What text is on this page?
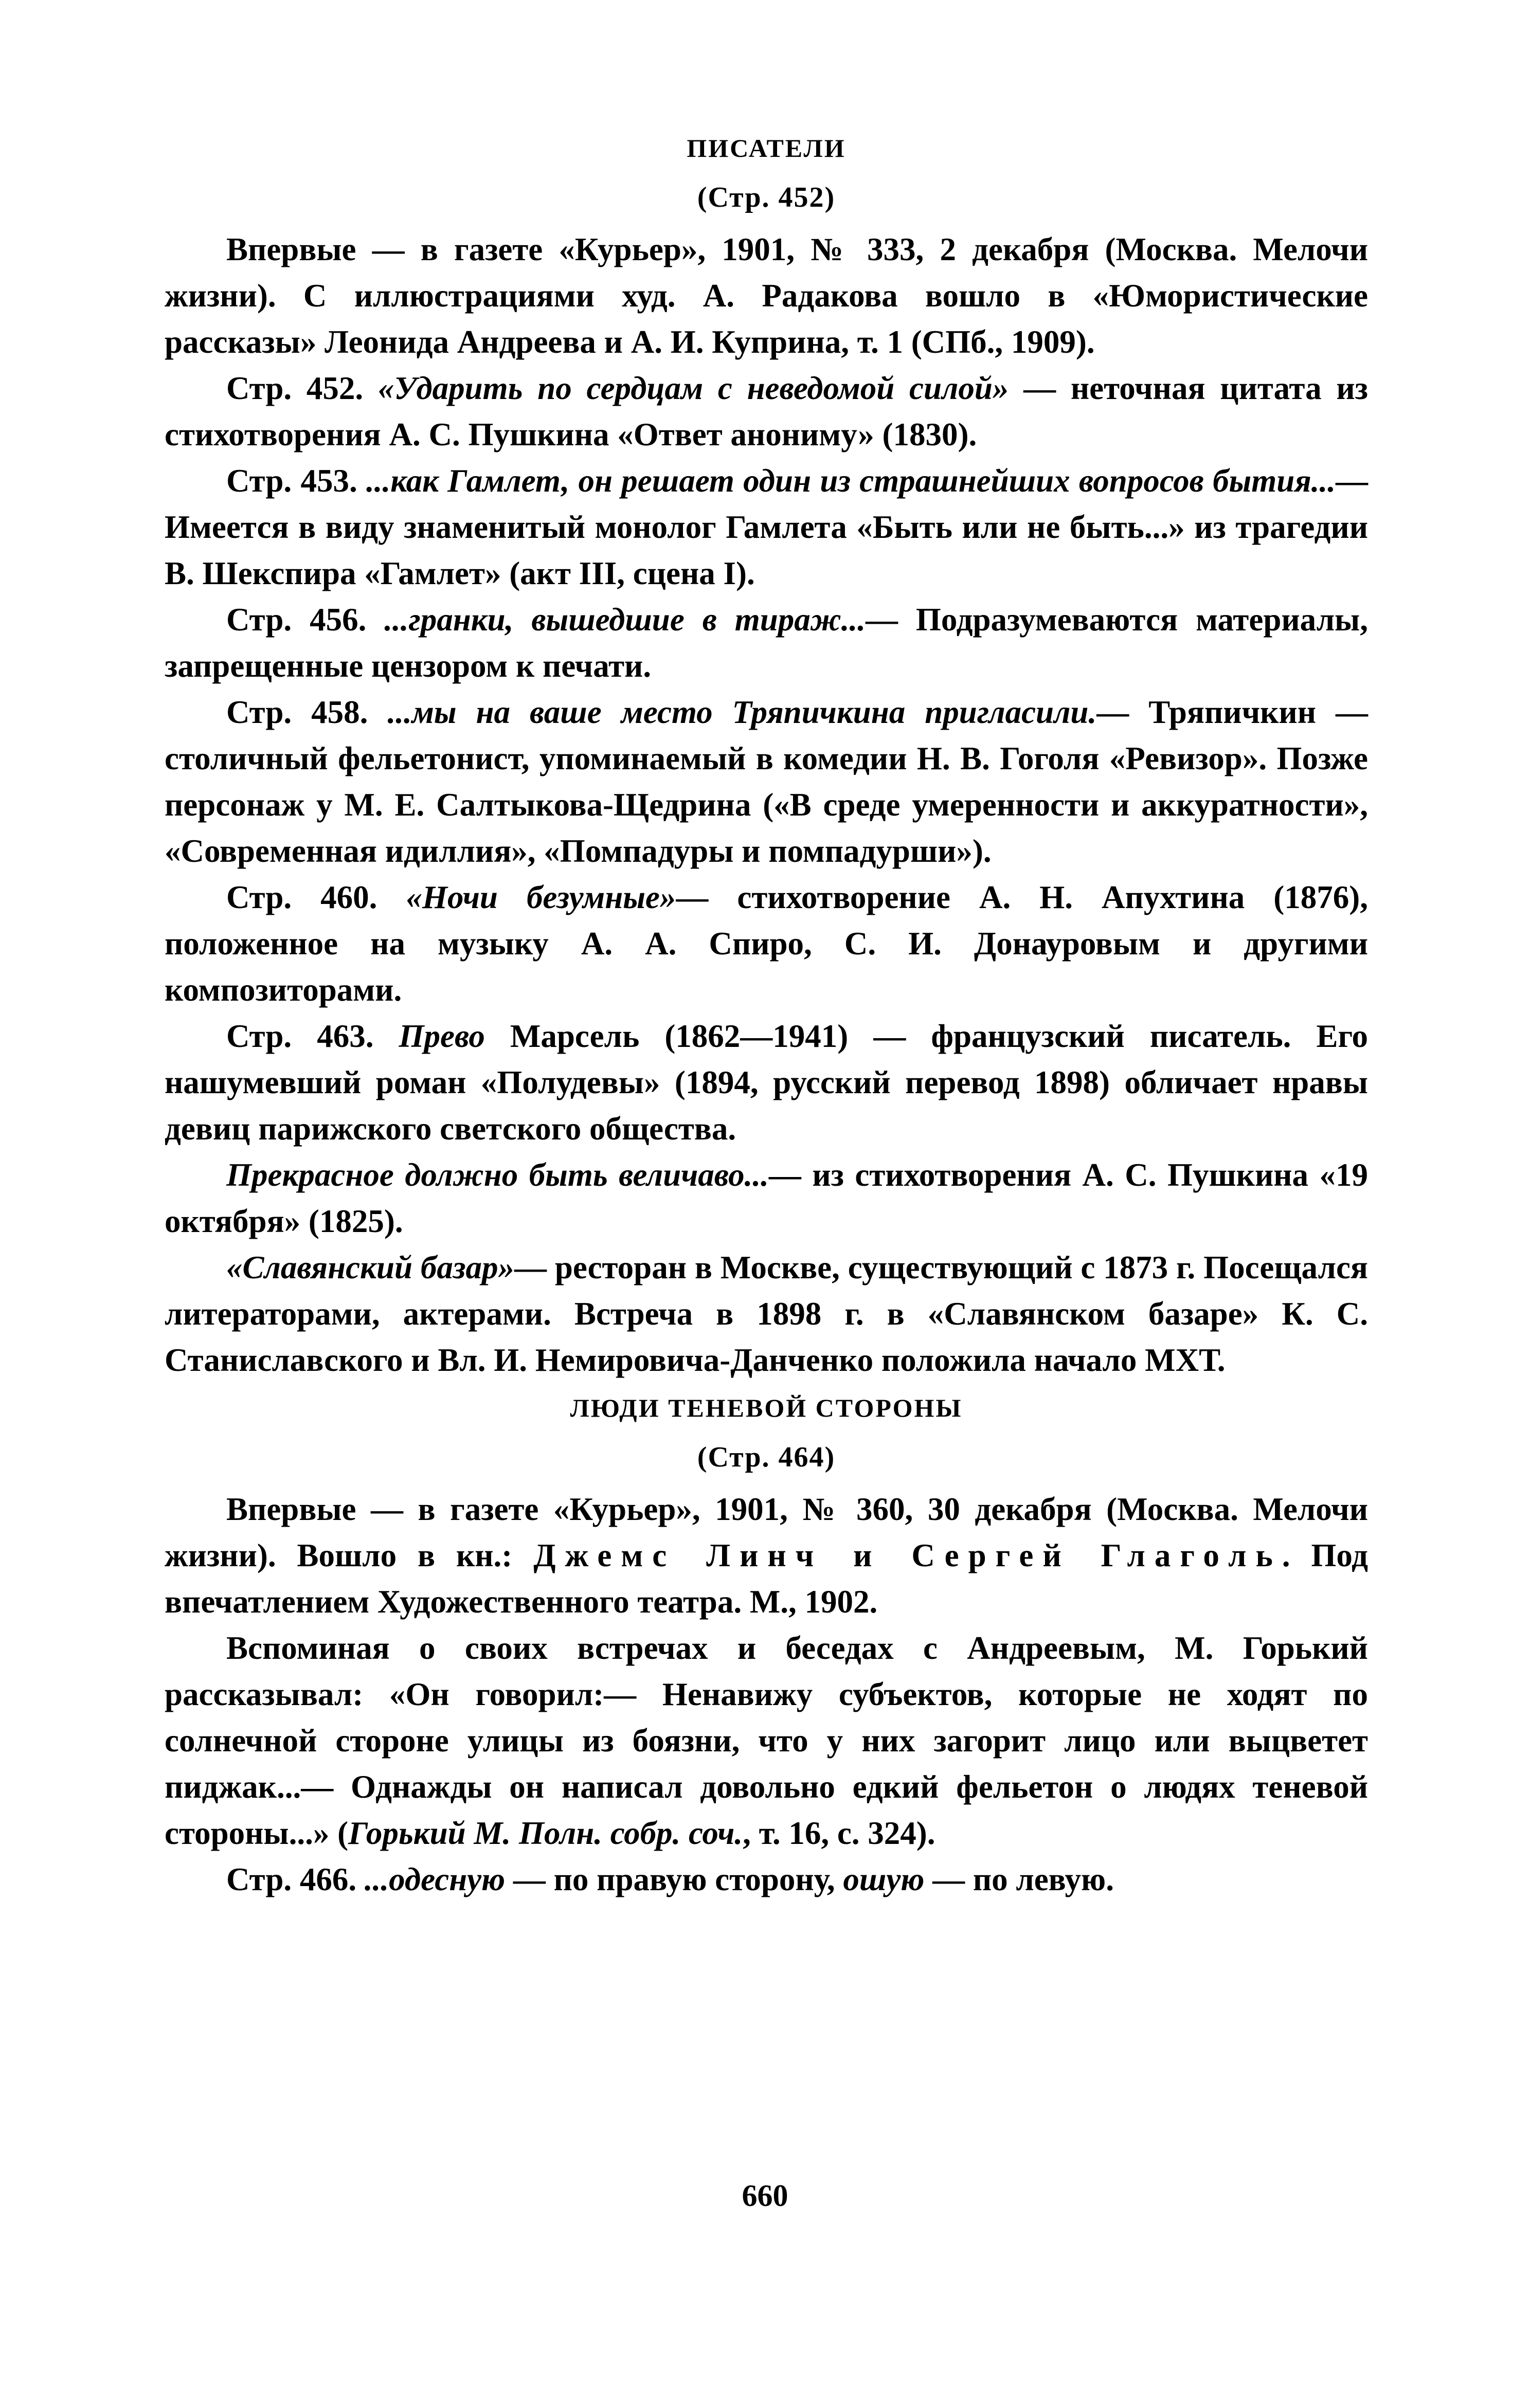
ПИСАТЕЛИ
(Стр. 452)

Впервые — в газете «Курьер», 1901, № 333, 2 декабря (Москва. Мелочи жизни). С иллюстрациями худ. А. Радакова вошло в «Юмористические рассказы» Леонида Андреева и А. И. Куприна, т. 1 (СПб., 1909).

Стр. 452. «Ударить по сердцам с неведомой силой» — неточная цитата из стихотворения А. С. Пушкина «Ответ анониму» (1830).

Стр. 453. ...как Гамлет, он решает один из страшнейших вопросов бытия...— Имеется в виду знаменитый монолог Гамлета «Быть или не быть...» из трагедии В. Шекспира «Гамлет» (акт III, сцена I).

Стр. 456. ...гранки, вышедшие в тираж...— Подразумеваются материалы, запрещенные цензором к печати.

Стр. 458. ...мы на ваше место Тряпичкина пригласили.— Тряпичкин — столичный фельетонист, упоминаемый в комедии Н. В. Гоголя «Ревизор». Позже персонаж у М. Е. Салтыкова-Щедрина («В среде умеренности и аккуратности», «Современная идиллия», «Помпадуры и помпадурши»).

Стр. 460. «Ночи безумные»— стихотворение А. Н. Апухтина (1876), положенное на музыку А. А. Спиро, С. И. Донауровым и другими композиторами.

Стр. 463. Прево Марсель (1862—1941) — французский писатель. Его нашумевший роман «Полудевы» (1894, русский перевод 1898) обличает нравы девиц парижского светского общества.

Прекрасное должно быть величаво...— из стихотворения А. С. Пушкина «19 октября» (1825).

«Славянский базар»— ресторан в Москве, существующий с 1873 г. Посещался литераторами, актерами. Встреча в 1898 г. в «Славянском базаре» К. С. Станиславского и Вл. И. Немировича-Данченко положила начало МХТ.

ЛЮДИ ТЕНЕВОЙ СТОРОНЫ
(Стр. 464)

Впервые — в газете «Курьер», 1901, № 360, 30 декабря (Москва. Мелочи жизни). Вошло в кн.: Джемс Линч и Сергей Глаголь. Под впечатлением Художественного театра. М., 1902.

Вспоминая о своих встречах и беседах с Андреевым, М. Горький рассказывал: «Он говорил:— Ненавижу субъектов, которые не ходят по солнечной стороне улицы из боязни, что у них загорит лицо или выцветет пиджак...— Однажды он написал довольно едкий фельетон о людях теневой стороны...» (Горький М. Полн. собр. соч., т. 16, с. 324).

Стр. 466. ...одесную — по правую сторону, ошую — по левую.

660
